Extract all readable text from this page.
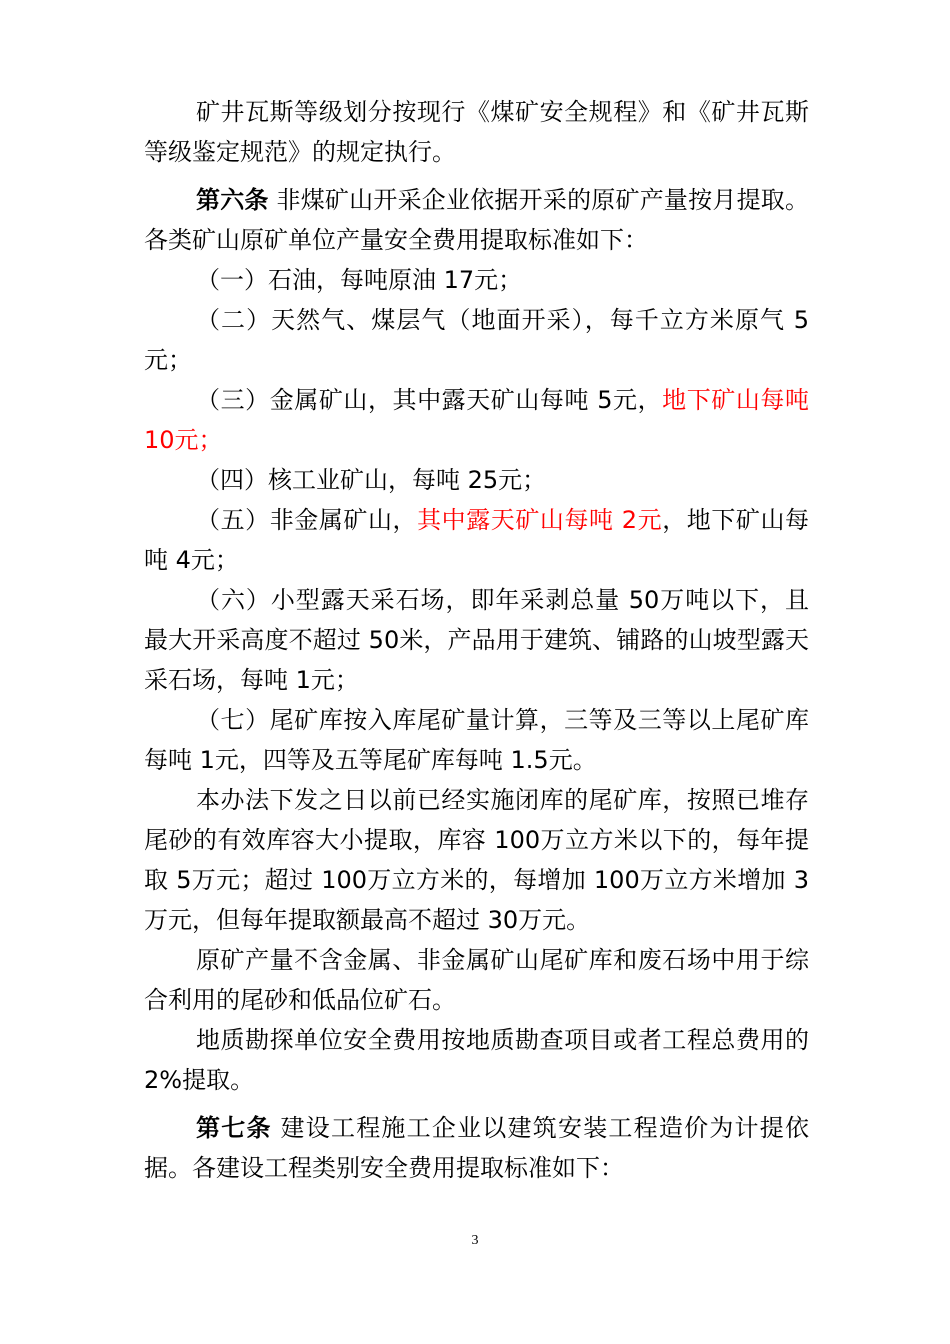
矿井瓦斯等级划分按现行《煤矿安全规程》和《矿井瓦斯等级鉴定规范》的规定执行。

第六条 非煤矿山开采企业依据开采的原矿产量按月提取。各类矿山原矿单位产量安全费用提取标准如下：

（一）石油，每吨原油 17元；

（二）天然气、煤层气（地面开采），每千立方米原气 5元；

（三）金属矿山，其中露天矿山每吨 5元，地下矿山每吨 10元；

（四）核工业矿山，每吨 25元；

（五）非金属矿山，其中露天矿山每吨 2元，地下矿山每吨 4元；

（六）小型露天采石场，即年采剥总量 50万吨以下，且最大开采高度不超过 50米，产品用于建筑、铺路的山坡型露天采石场，每吨 1元；

（七）尾矿库按入库尾矿量计算，三等及三等以上尾矿库每吨 1元，四等及五等尾矿库每吨 1.5元。

本办法下发之日以前已经实施闭库的尾矿库，按照已堆存尾砂的有效库容大小提取，库容 100万立方米以下的，每年提取 5万元；超过 100万立方米的，每增加 100万立方米增加 3万元，但每年提取额最高不超过 30万元。

原矿产量不含金属、非金属矿山尾矿库和废石场中用于综合利用的尾砂和低品位矿石。

地质勘探单位安全费用按地质勘查项目或者工程总费用的 2%提取。

第七条 建设工程施工企业以建筑安装工程造价为计提依据。各建设工程类别安全费用提取标准如下：

3
